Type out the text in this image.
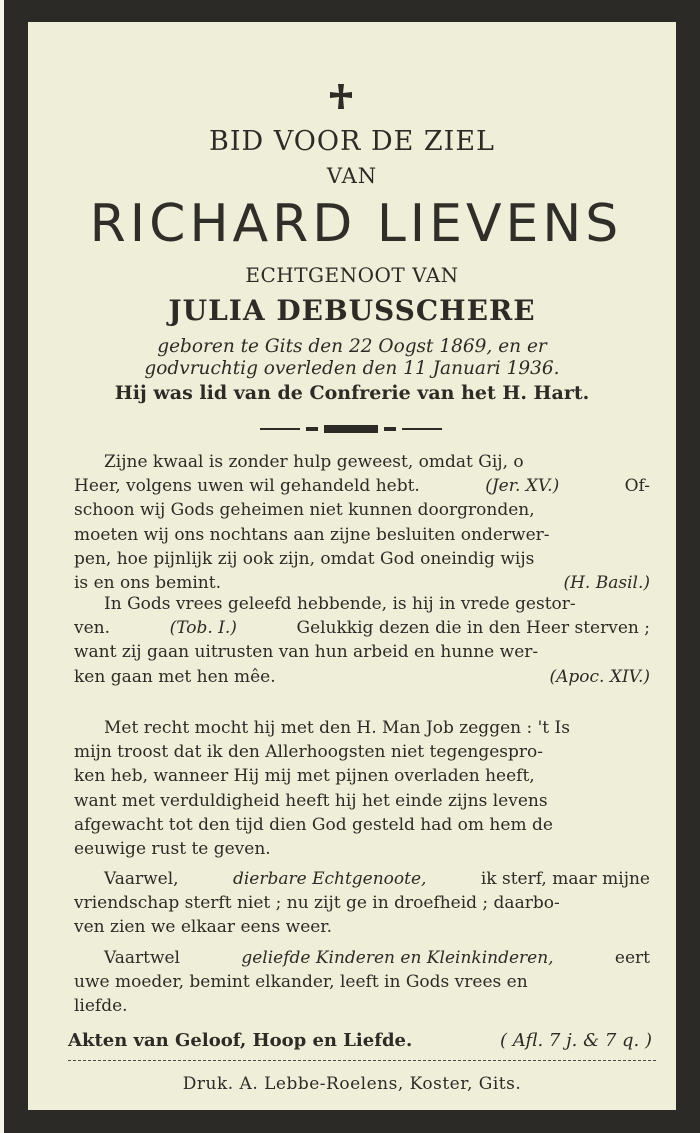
BID VOOR DE ZIEL
VAN
RICHARD LIEVENS
ECHTGENOOT VAN
JULIA DEBUSSCHERE
geboren te Gits den 22 Oogst 1869, en er
godvruchtig overleden den 11 Januari 1936.
Hij was lid van de Confrerie van het H. Hart.
Zijne kwaal is zonder hulp geweest, omdat Gij, o
Heer, volgens uwen wil gehandeld hebt.	(Jer. XV.)	Of-
schoon wij Gods geheimen niet kunnen doorgronden,
moeten wij ons nochtans aan zijne besluiten onderwer-
pen, hoe pijnlijk zij ook zijn, omdat God oneindig wijs
is en ons bemint.	(H. Basil.)
In Gods vrees geleefd hebbende, is hij in vrede gestor-
ven.	(Tob. I.)	Gelukkig dezen die in den Heer sterven ;
want zij gaan uitrusten van hun arbeid en hunne wer-
ken gaan met hen mêe.	(Apoc. XIV.)
Met recht mocht hij met den H. Man Job zeggen : 't Is
mijn troost dat ik den Allerhoogsten niet tegengespro-
ken heb, wanneer Hij mij met pijnen overladen heeft,
want met verduldigheid heeft hij het einde zijns levens
afgewacht tot den tijd dien God gesteld had om hem de
eeuwige rust te geven.
Vaarwel,	dierbare Echtgenoote,	ik sterf, maar mijne
vriendschap sterft niet ; nu zijt ge in droefheid ; daarbo-
ven zien we elkaar eens weer.
Vaartwel	geliefde Kinderen en Kleinkinderen,	eert
uwe moeder, bemint elkander, leeft in Gods vrees en
liefde.
Akten van Geloof, Hoop en Liefde.	( Afl. 7 j. & 7 q. )
Druk. A. Lebbe-Roelens, Koster, Gits.
